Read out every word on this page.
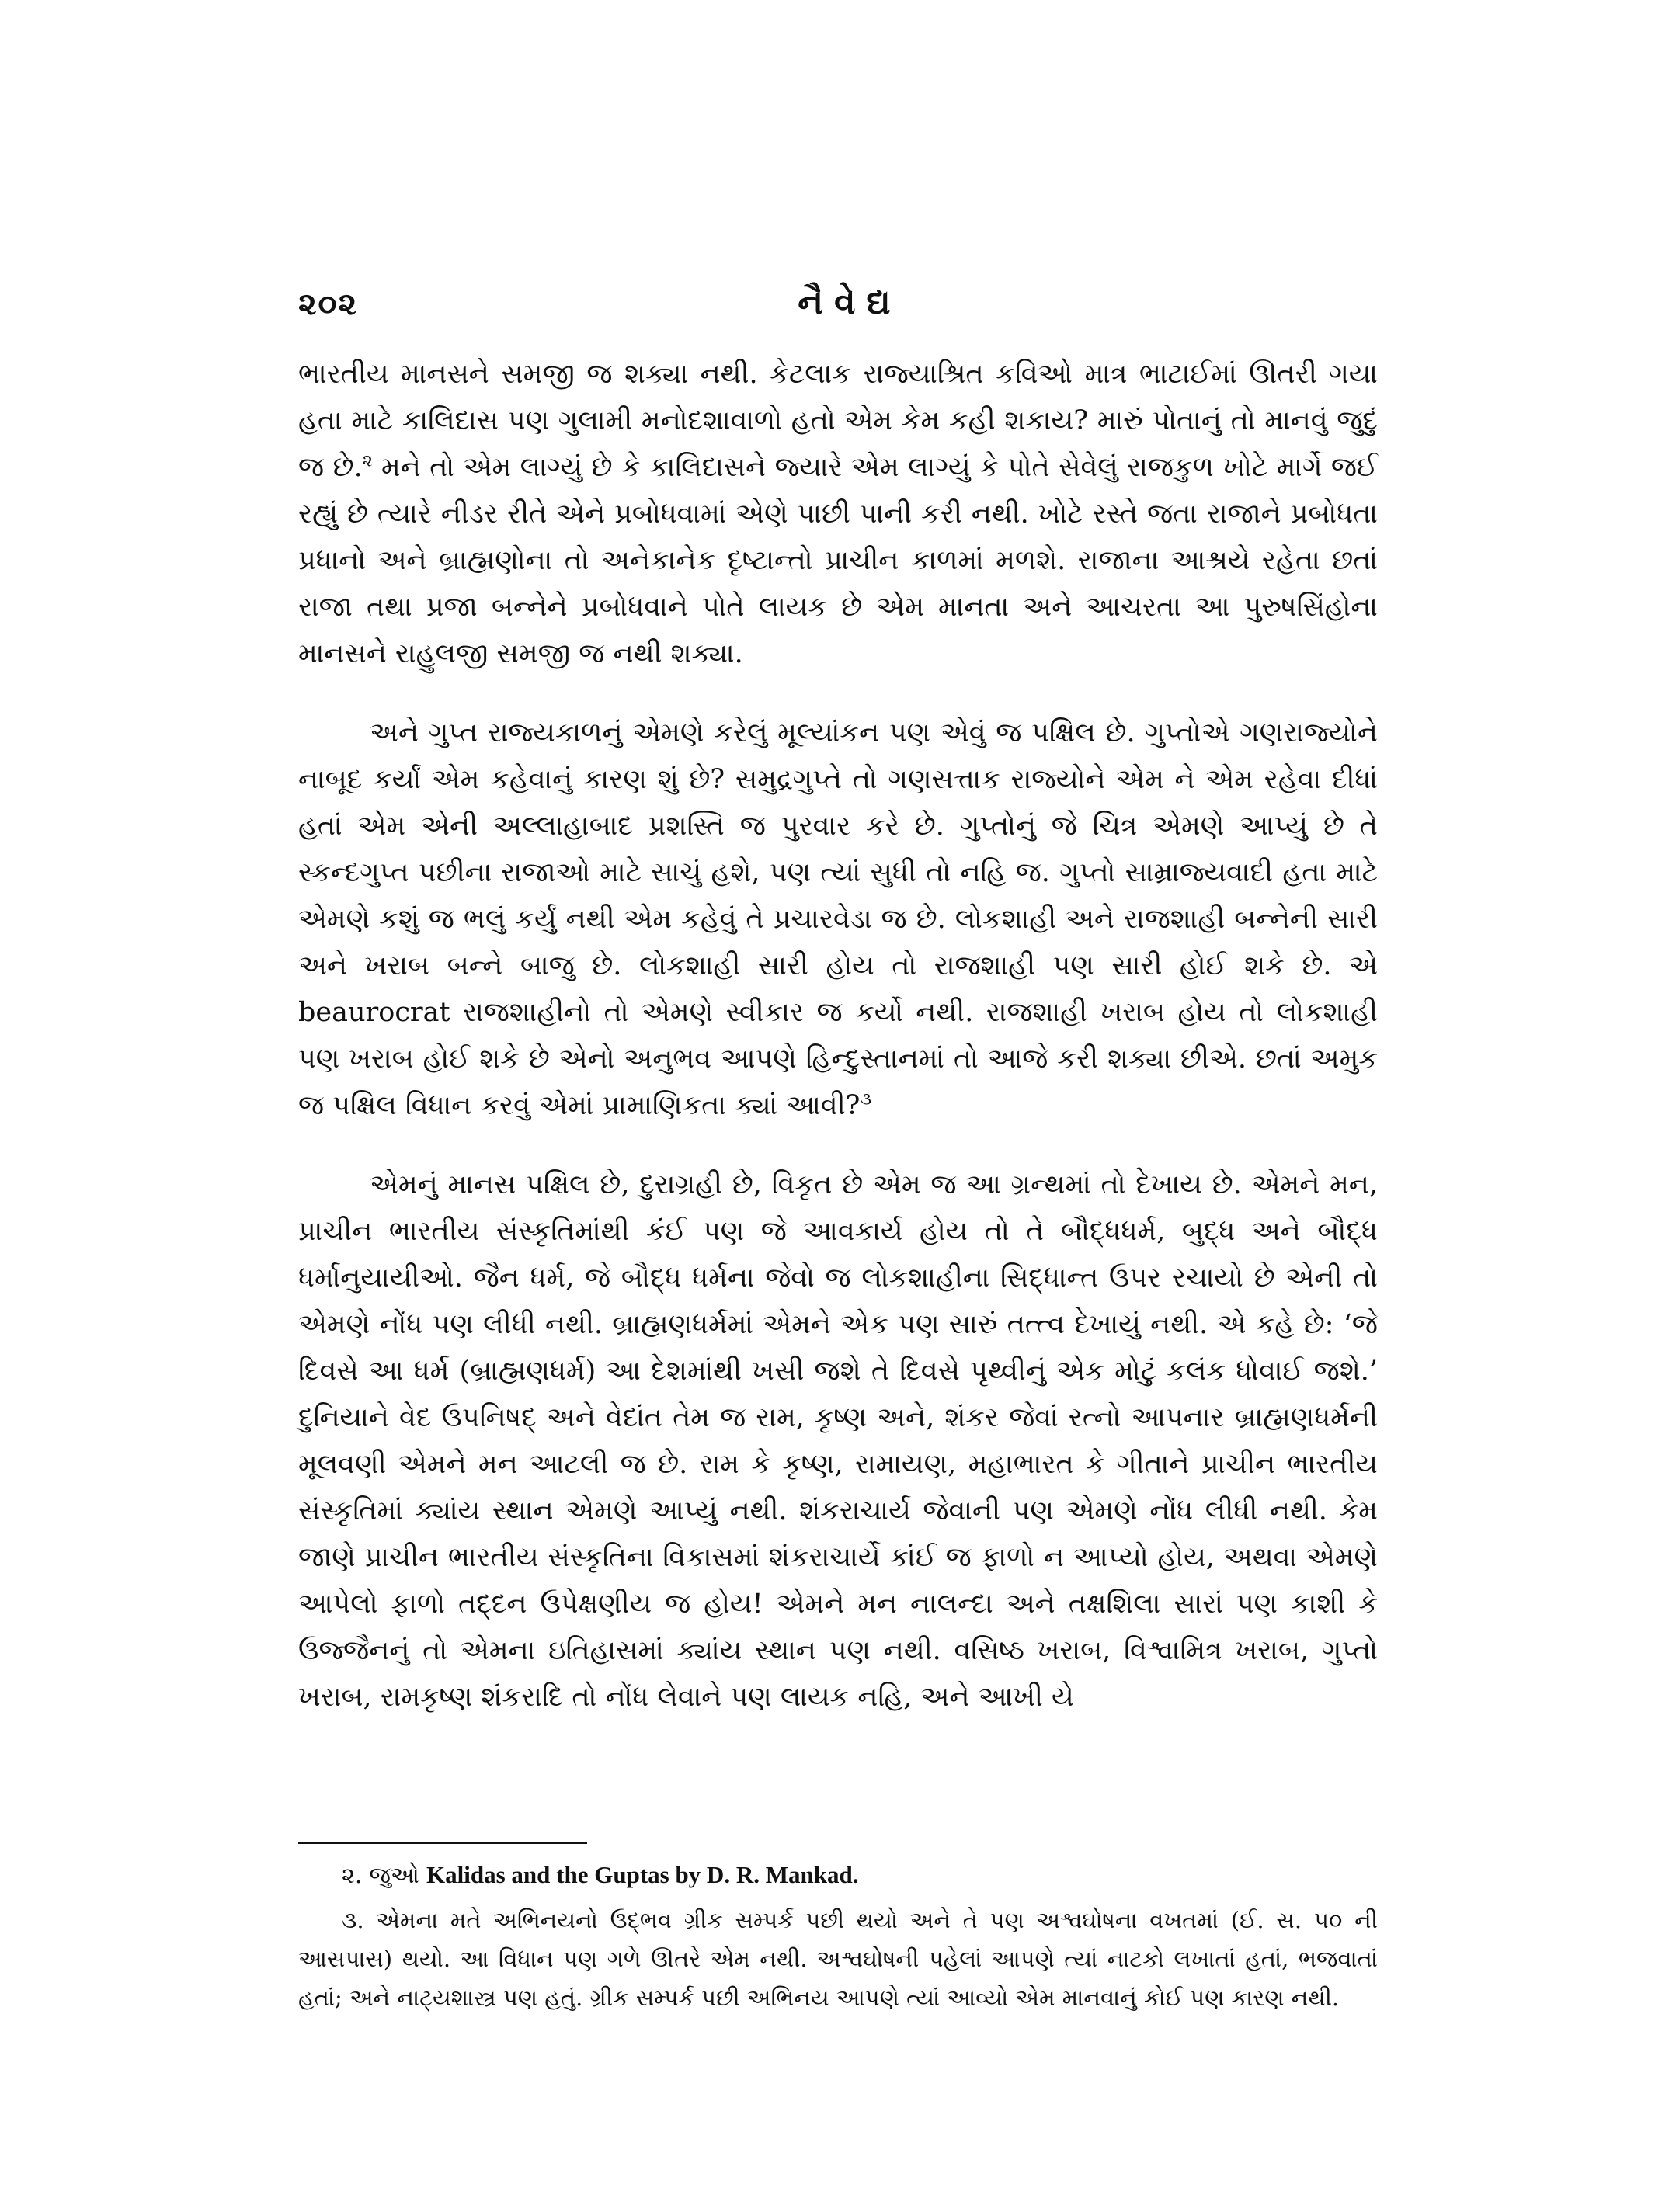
૨૦૨	નૈવેદ્ય

ભારતીય માનસને સમજી જ શક્યા નથી. કેટલાક રાજ્યાશ્રિત કવિઓ માત્ર ભાટાઈમાં ઊતરી ગયા હતા માટે કાલિદાસ પણ ગુલામી મનોદશાવાળો હતો એમ કેમ કહી શકાય? મારું પોતાનું તો માનવું જુદું જ છે.$^૨$ મને તો એમ લાગ્યું છે કે કાલિદાસને જ્યારે એમ લાગ્યું કે પોતે સેવેલું રાજકુળ ખોટે માર્ગે જઈ રહ્યું છે ત્યારે નીડર રીતે એને પ્રબોધવામાં એણે પાછી પાની કરી નથી. ખોટે રસ્તે જતા રાજાને પ્રબોધતા પ્રધાનો અને બ્રાહ્મણોના તો અનેકાનેક દૃષ્ટાન્તો પ્રાચીન કાળમાં મળશે. રાજાના આશ્રયે રહેતા છતાં રાજા તથા પ્રજા બન્નેને પ્રબોધવાને પોતે લાયક છે એમ માનતા અને આચરતા આ પુરુષસિંહોના માનસને રાહુલજી સમજી જ નથી શક્યા.

અને ગુપ્ત રાજ્યકાળનું એમણે કરેલું મૂલ્યાંકન પણ એવું જ પક્ષિલ છે. ગુપ્તોએ ગણરાજ્યોને નાબૂદ કર્યાં એમ કહેવાનું કારણ શું છે? સમુદ્રગુપ્તે તો ગણસત્તાક રાજ્યોને એમ ને એમ રહેવા દીધાં હતાં એમ એની અલ્લાહાબાદ પ્રશસ્તિ જ પુરવાર કરે છે. ગુપ્તોનું જે ચિત્ર એમણે આપ્યું છે તે સ્કન્દગુપ્ત પછીના રાજાઓ માટે સાચું હશે, પણ ત્યાં સુધી તો નહિ જ. ગુપ્તો સામ્રાજ્યવાદી હતા માટે એમણે કશું જ ભલું કર્યું નથી એમ કહેવું તે પ્રચારવેડા જ છે. લોકશાહી અને રાજશાહી બન્નેની સારી અને ખરાબ બન્ને બાજુ છે. લોકશાહી સારી હોય તો રાજશાહી પણ સારી હોઈ શકે છે. એ beaurocrat રાજશાહીનો તો એમણે સ્વીકાર જ કર્યો નથી. રાજશાહી ખરાબ હોય તો લોકશાહી પણ ખરાબ હોઈ શકે છે એનો અનુભવ આપણે હિન્દુસ્તાનમાં તો આજે કરી શક્યા છીએ. છતાં અમુક જ પક્ષિલ વિધાન કરવું એમાં પ્રામાણિકતા ક્યાં આવી?$^૩$

એમનું માનસ પક્ષિલ છે, દુરાગ્રહી છે, વિકૃત છે એમ જ આ ગ્રન્થમાં તો દેખાય છે. એમને મન, પ્રાચીન ભારતીય સંસ્કૃતિમાંથી કંઈ પણ જે આવકાર્ય હોય તો તે બૌદ્ધધર્મ, બુદ્ધ અને બૌદ્ધ ધર્માનુયાયીઓ. જૈન ધર્મ, જે બૌદ્ધ ધર્મના જેવો જ લોકશાહીના સિદ્ધાન્ત ઉપર રચાયો છે એની તો એમણે નોંધ પણ લીધી નથી. બ્રાહ્મણધર્મમાં એમને એક પણ સારું તત્ત્વ દેખાયું નથી. એ કહે છે: ‘જે દિવસે આ ધર્મ (બ્રાહ્મણધર્મ) આ દેશમાંથી ખસી જશે તે દિવસે પૃથ્વીનું એક મોટું કલંક ધોવાઈ જશે.’ દુનિયાને વેદ ઉપનિષદ્ અને વેદાંત તેમ જ રામ, કૃષ્ણ અને, શંકર જેવાં રત્નો આપનાર બ્રાહ્મણધર્મની મૂલવણી એમને મન આટલી જ છે. રામ કે કૃષ્ણ, રામાયણ, મહાભારત કે ગીતાને પ્રાચીન ભારતીય સંસ્કૃતિમાં ક્યાંય સ્થાન એમણે આપ્યું નથી. શંકરાચાર્ય જેવાની પણ એમણે નોંધ લીધી નથી. કેમ જાણે પ્રાચીન ભારતીય સંસ્કૃતિના વિકાસમાં શંકરાચાર્યે કાંઈ જ ફાળો ન આપ્યો હોય, અથવા એમણે આપેલો ફાળો તદ્દન ઉપેક્ષણીય જ હોય! એમને મન નાલન્દા અને તક્ષશિલા સારાં પણ કાશી કે ઉજ્જૈનનું તો એમના ઇતિહાસમાં ક્યાંય સ્થાન પણ નથી. વસિષ્ઠ ખરાબ, વિશ્વામિત્ર ખરાબ, ગુપ્તો ખરાબ, રામકૃષ્ણ શંકરાદિ તો નોંધ લેવાને પણ લાયક નહિ, અને આખી યે

૨. જુઓ Kalidas and the Guptas by D. R. Mankad.

૩. એમના મતે અભિનયનો ઉદ્ભવ ગ્રીક સમ્પર્ક પછી થયો અને તે પણ અશ્વઘોષના વખતમાં (ઈ. સ. ૫૦ ની આસપાસ) થયો. આ વિધાન પણ ગળે ઊતરે એમ નથી. અશ્વઘોષની પહેલાં આપણે ત્યાં નાટકો લખાતાં હતાં, ભજવાતાં હતાં; અને નાટ્યશાસ્ત્ર પણ હતું. ગ્રીક સમ્પર્ક પછી અભિનય આપણે ત્યાં આવ્યો એમ માનવાનું કોઈ પણ કારણ નથી.
